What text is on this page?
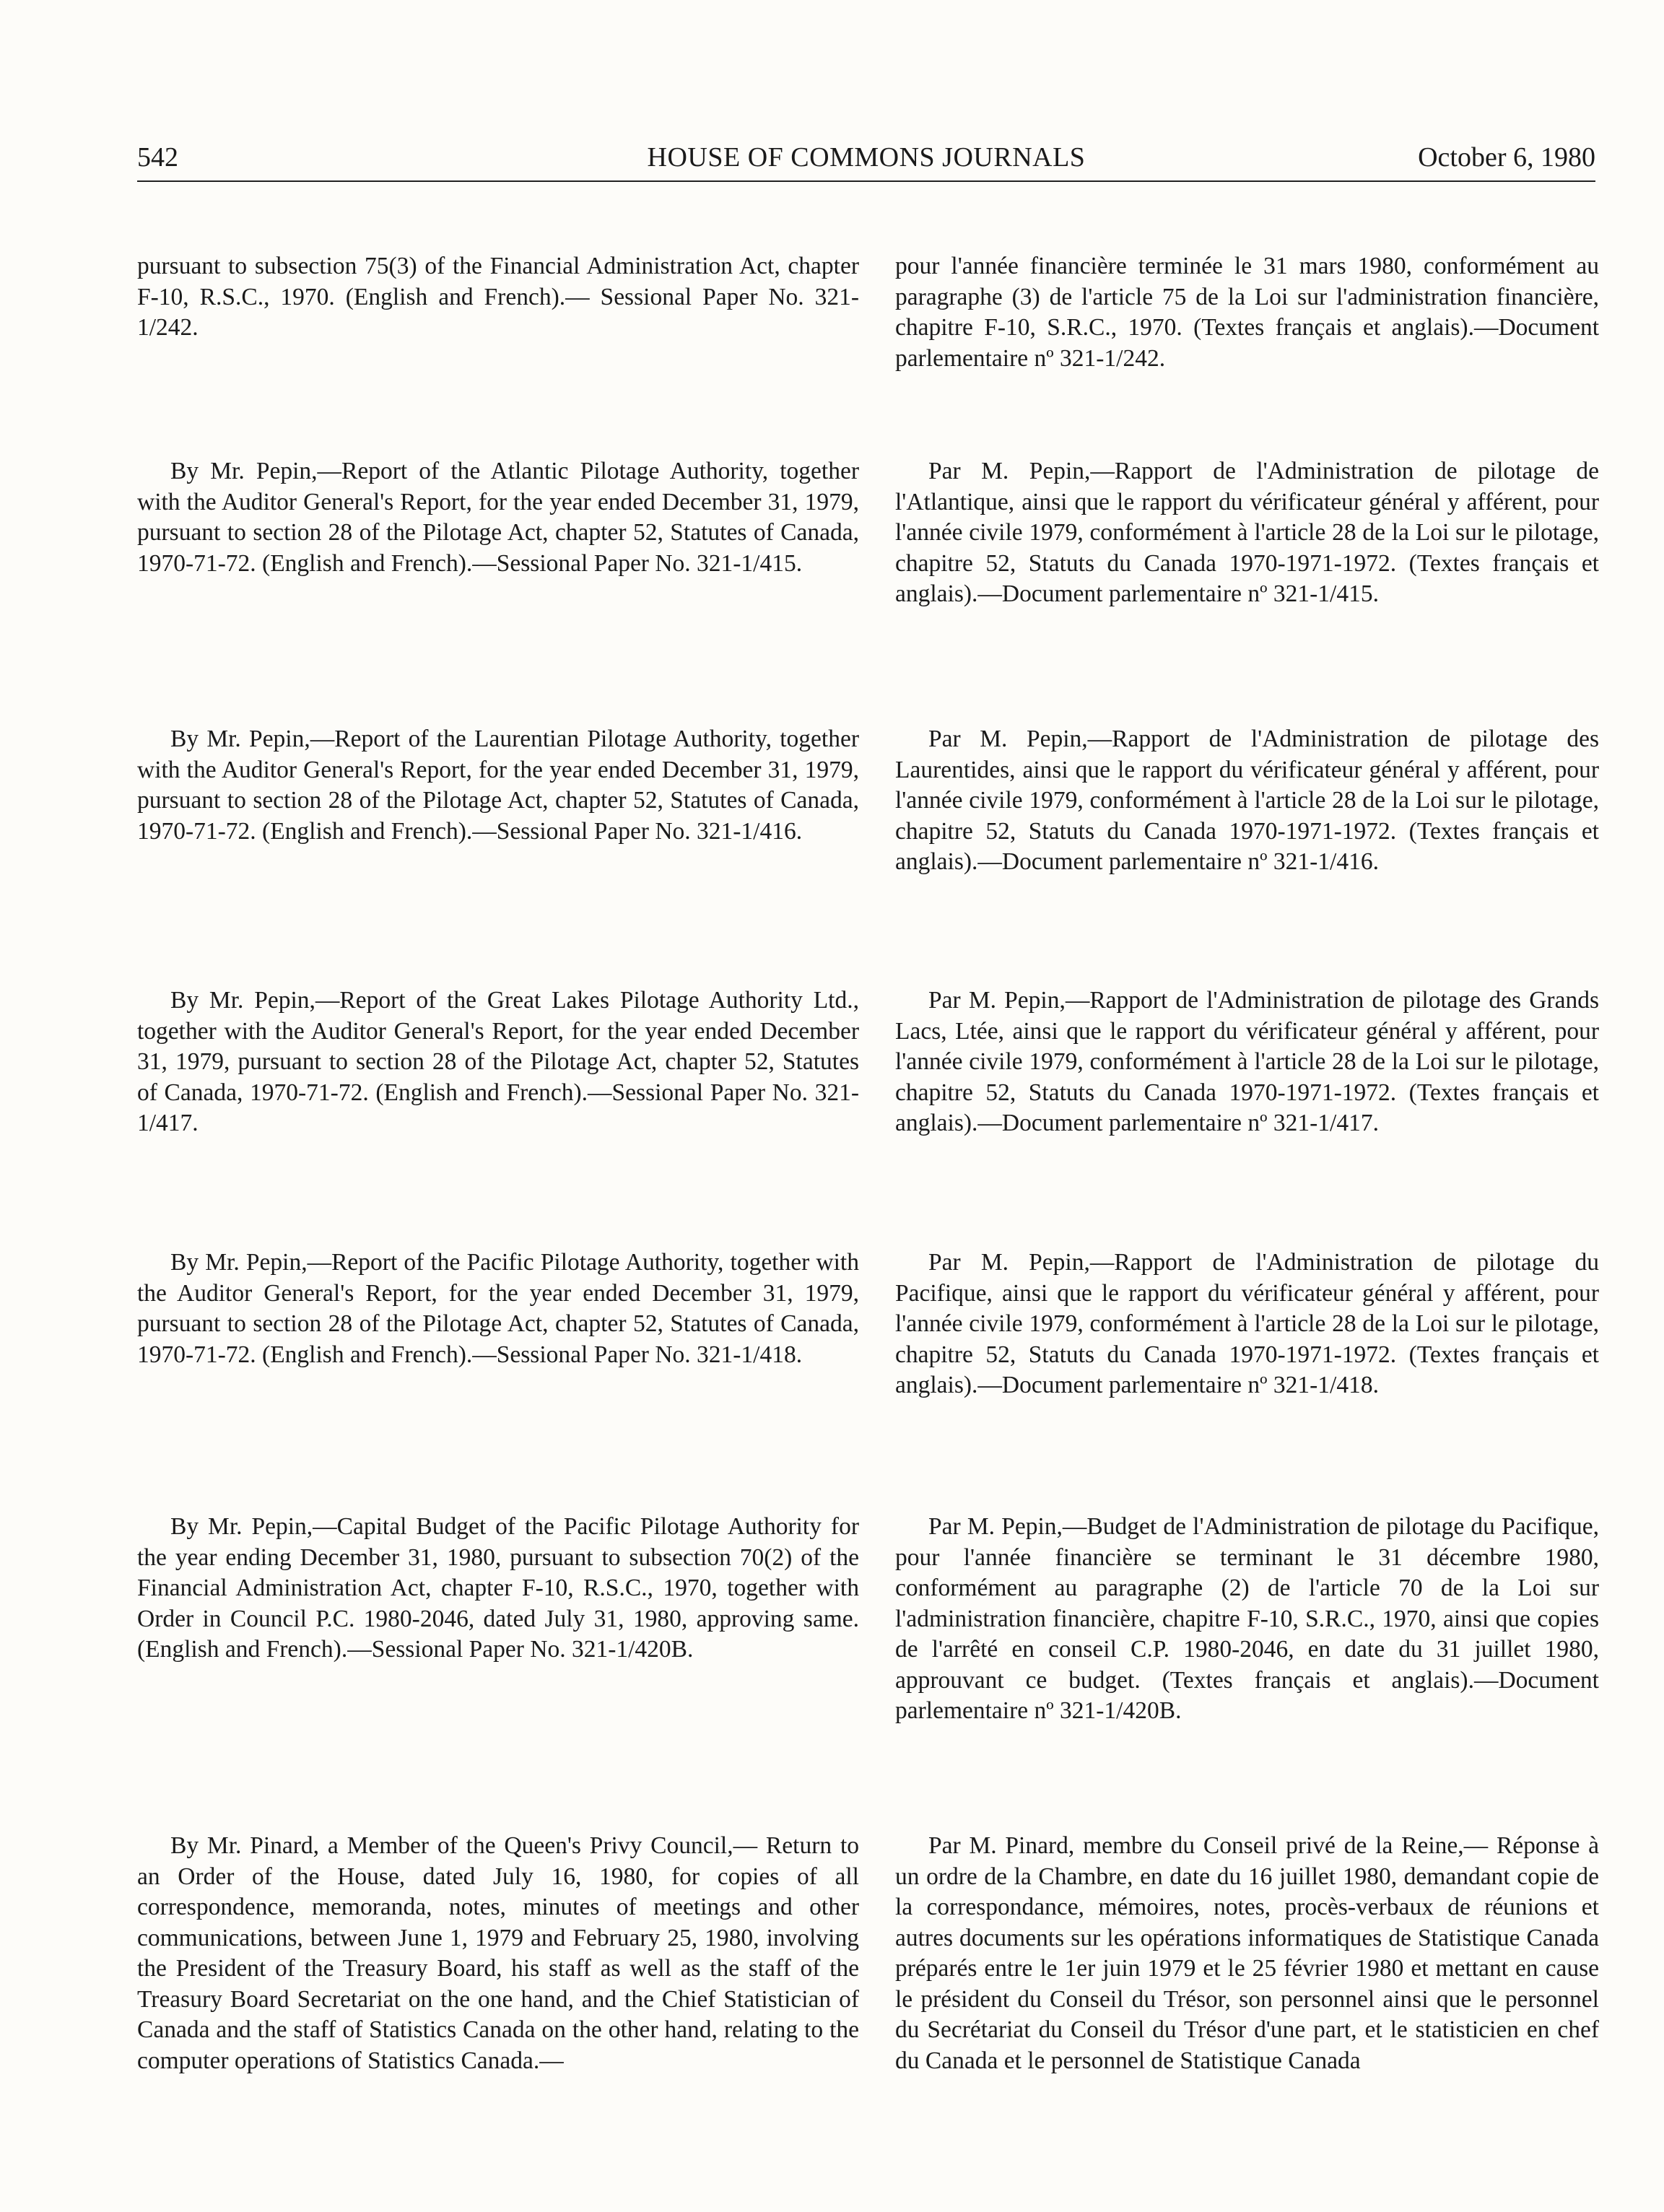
542	HOUSE OF COMMONS JOURNALS	October 6, 1980

pursuant to subsection 75(3) of the Financial Administration Act, chapter F-10, R.S.C., 1970. (English and French).— Sessional Paper No. 321-1/242.

By Mr. Pepin,—Report of the Atlantic Pilotage Authority, together with the Auditor General's Report, for the year ended December 31, 1979, pursuant to section 28 of the Pilotage Act, chapter 52, Statutes of Canada, 1970-71-72. (English and French).—Sessional Paper No. 321-1/415.

By Mr. Pepin,—Report of the Laurentian Pilotage Authority, together with the Auditor General's Report, for the year ended December 31, 1979, pursuant to section 28 of the Pilotage Act, chapter 52, Statutes of Canada, 1970-71-72. (English and French).—Sessional Paper No. 321-1/416.

By Mr. Pepin,—Report of the Great Lakes Pilotage Authority Ltd., together with the Auditor General's Report, for the year ended December 31, 1979, pursuant to section 28 of the Pilotage Act, chapter 52, Statutes of Canada, 1970-71-72. (English and French).—Sessional Paper No. 321-1/417.

By Mr. Pepin,—Report of the Pacific Pilotage Authority, together with the Auditor General's Report, for the year ended December 31, 1979, pursuant to section 28 of the Pilotage Act, chapter 52, Statutes of Canada, 1970-71-72. (English and French).—Sessional Paper No. 321-1/418.

By Mr. Pepin,—Capital Budget of the Pacific Pilotage Authority for the year ending December 31, 1980, pursuant to subsection 70(2) of the Financial Administration Act, chapter F-10, R.S.C., 1970, together with Order in Council P.C. 1980-2046, dated July 31, 1980, approving same. (English and French).—Sessional Paper No. 321-1/420B.

By Mr. Pinard, a Member of the Queen's Privy Council,— Return to an Order of the House, dated July 16, 1980, for copies of all correspondence, memoranda, notes, minutes of meetings and other communications, between June 1, 1979 and February 25, 1980, involving the President of the Treasury Board, his staff as well as the staff of the Treasury Board Secretariat on the one hand, and the Chief Statistician of Canada and the staff of Statistics Canada on the other hand, relating to the computer operations of Statistics Canada.—

pour l'année financière terminée le 31 mars 1980, conformément au paragraphe (3) de l'article 75 de la Loi sur l'administration financière, chapitre F-10, S.R.C., 1970. (Textes français et anglais).—Document parlementaire nº 321-1/242.

Par M. Pepin,—Rapport de l'Administration de pilotage de l'Atlantique, ainsi que le rapport du vérificateur général y afférent, pour l'année civile 1979, conformément à l'article 28 de la Loi sur le pilotage, chapitre 52, Statuts du Canada 1970-1971-1972. (Textes français et anglais).—Document parlementaire nº 321-1/415.

Par M. Pepin,—Rapport de l'Administration de pilotage des Laurentides, ainsi que le rapport du vérificateur général y afférent, pour l'année civile 1979, conformément à l'article 28 de la Loi sur le pilotage, chapitre 52, Statuts du Canada 1970-1971-1972. (Textes français et anglais).—Document parlementaire nº 321-1/416.

Par M. Pepin,—Rapport de l'Administration de pilotage des Grands Lacs, Ltée, ainsi que le rapport du vérificateur général y afférent, pour l'année civile 1979, conformément à l'article 28 de la Loi sur le pilotage, chapitre 52, Statuts du Canada 1970-1971-1972. (Textes français et anglais).—Document parlementaire nº 321-1/417.

Par M. Pepin,—Rapport de l'Administration de pilotage du Pacifique, ainsi que le rapport du vérificateur général y afférent, pour l'année civile 1979, conformément à l'article 28 de la Loi sur le pilotage, chapitre 52, Statuts du Canada 1970-1971-1972. (Textes français et anglais).—Document parlementaire nº 321-1/418.

Par M. Pepin,—Budget de l'Administration de pilotage du Pacifique, pour l'année financière se terminant le 31 décembre 1980, conformément au paragraphe (2) de l'article 70 de la Loi sur l'administration financière, chapitre F-10, S.R.C., 1970, ainsi que copies de l'arrêté en conseil C.P. 1980-2046, en date du 31 juillet 1980, approuvant ce budget. (Textes français et anglais).—Document parlementaire nº 321-1/420B.

Par M. Pinard, membre du Conseil privé de la Reine,— Réponse à un ordre de la Chambre, en date du 16 juillet 1980, demandant copie de la correspondance, mémoires, notes, procès-verbaux de réunions et autres documents sur les opérations informatiques de Statistique Canada préparés entre le 1er juin 1979 et le 25 février 1980 et mettant en cause le président du Conseil du Trésor, son personnel ainsi que le personnel du Secrétariat du Conseil du Trésor d'une part, et le statisticien en chef du Canada et le personnel de Statistique Canada
